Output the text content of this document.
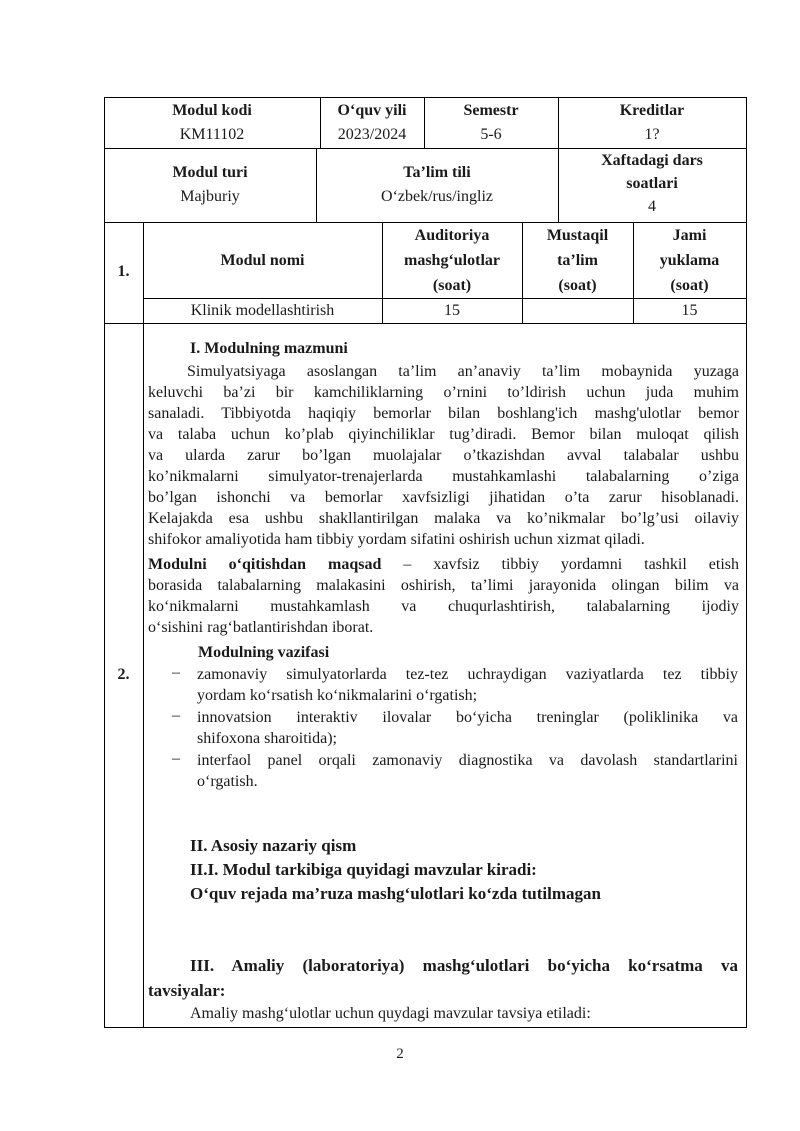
Modul kodi
KM11102
O‘quv yili
2023/2024
Semestr
5-6
Kreditlar
1?
Modul turi
Majburiy
Ta’lim tili
O‘zbek/rus/ingliz
Xaftadagi dars
soatlari
4
1.
Modul nomi
Auditoriya
mashg‘ulotlar
(soat)
Mustaqil
ta’lim
(soat)
Jami
yuklama
(soat)
Klinik modellashtirish	15	15
2.
I. Modulning mazmuni
Simulyatsiyaga asoslangan ta’lim an’anaviy ta’lim mobaynida yuzaga
keluvchi ba’zi bir kamchiliklarning o’rnini to’ldirish uchun juda muhim
sanaladi. Tibbiyotda haqiqiy bemorlar bilan boshlang'ich mashg'ulotlar bemor
va talaba uchun ko’plab qiyinchiliklar tug’diradi. Bemor bilan muloqat qilish
va ularda zarur bo’lgan muolajalar o’tkazishdan avval talabalar ushbu
ko’nikmalarni simulyator-trenajerlarda mustahkamlashi talabalarning o’ziga
bo’lgan ishonchi va bemorlar xavfsizligi jihatidan o’ta zarur hisoblanadi.
Kelajakda esa ushbu shakllantirilgan malaka va ko’nikmalar bo’lg’usi oilaviy
shifokor amaliyotida ham tibbiy yordam sifatini oshirish uchun xizmat qiladi.
Modulni o‘qitishdan maqsad – xavfsiz tibbiy yordamni tashkil etish
borasida talabalarning malakasini oshirish, ta’limi jarayonida olingan bilim va
ko‘nikmalarni mustahkamlash va chuqurlashtirish, talabalarning ijodiy
o‘sishini rag‘batlantirishdan iborat.
Modulning vazifasi
– zamonaviy simulyatorlarda tez-tez uchraydigan vaziyatlarda tez tibbiy
yordam ko‘rsatish ko‘nikmalarini o‘rgatish;
– innovatsion interaktiv ilovalar bo‘yicha treninglar (poliklinika va
shifoxona sharoitida);
– interfaol panel orqali zamonaviy diagnostika va davolash standartlarini
o‘rgatish.
II. Asosiy nazariy qism
II.I. Modul tarkibiga quyidagi mavzular kiradi:
O‘quv rejada ma’ruza mashg‘ulotlari ko‘zda tutilmagan
III. Amaliy (laboratoriya) mashg‘ulotlari bo‘yicha ko‘rsatma va
tavsiyalar:
Amaliy mashg‘ulotlar uchun quydagi mavzular tavsiya etiladi:
2
